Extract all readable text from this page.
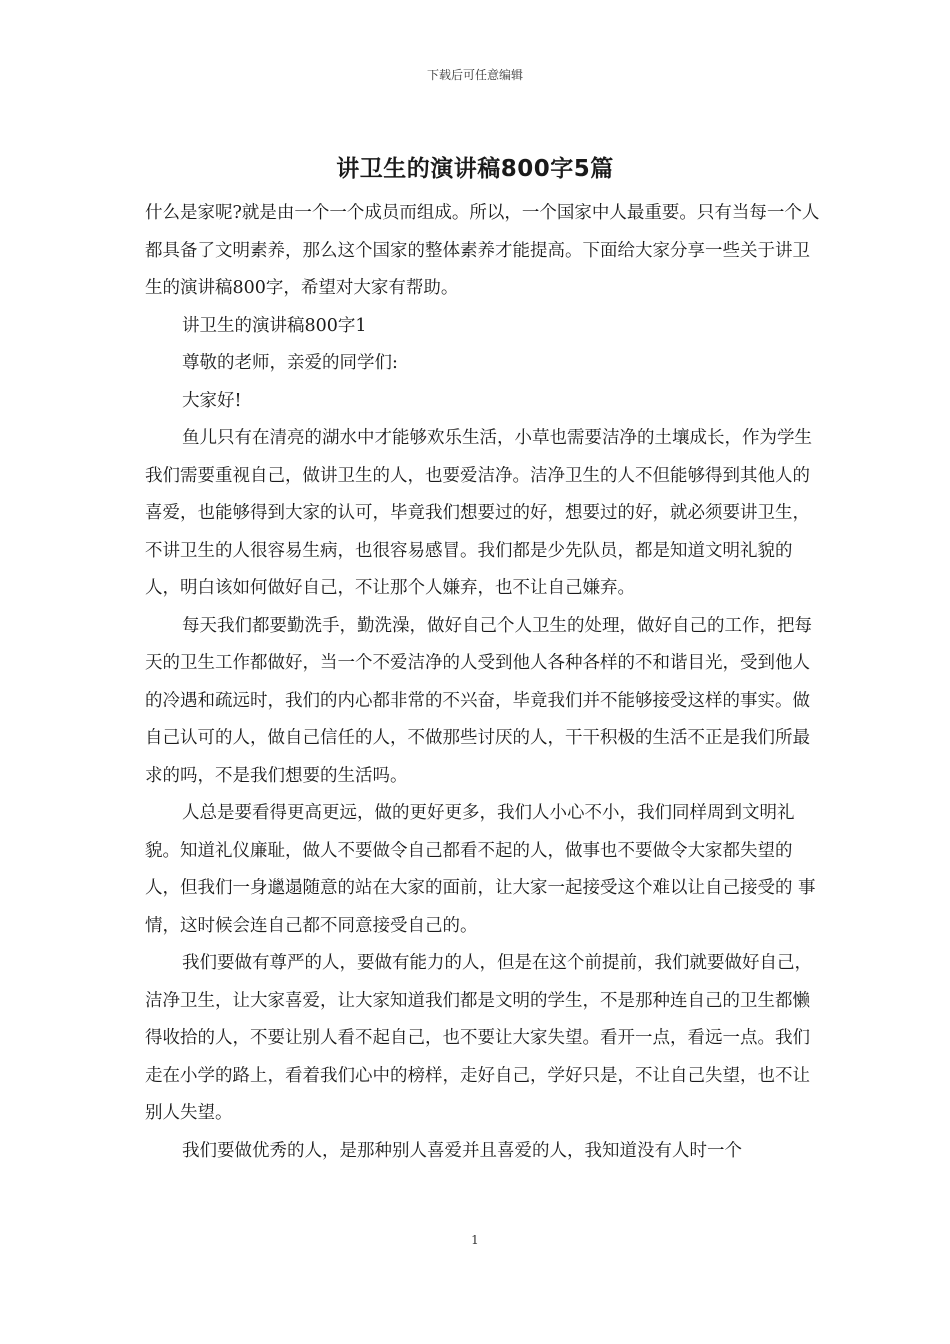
下载后可任意编辑
讲卫生的演讲稿800字5篇

什么是家呢?就是由一个一个成员而组成。所以，一个国家中人最重要。只有当每一个人都具备了文明素养，那么这个国家的整体素养才能提高。下面给大家分享一些关于讲卫生的演讲稿800字，希望对大家有帮助。

讲卫生的演讲稿800字1

尊敬的老师，亲爱的同学们:

大家好!

鱼儿只有在清亮的湖水中才能够欢乐生活，小草也需要洁净的土壤成长，作为学生我们需要重视自己，做讲卫生的人，也要爱洁净。洁净卫生的人不但能够得到其他人的喜爱，也能够得到大家的认可，毕竟我们想要过的好，想要过的好，就必须要讲卫生，不讲卫生的人很容易生病，也很容易感冒。我们都是少先队员，都是知道文明礼貌的人，明白该如何做好自己，不让那个人嫌弃，也不让自己嫌弃。

每天我们都要勤洗手，勤洗澡，做好自己个人卫生的处理，做好自己的工作，把每天的卫生工作都做好，当一个不爱洁净的人受到他人各种各样的不和谐目光，受到他人的冷遇和疏远时，我们的内心都非常的不兴奋，毕竟我们并不能够接受这样的事实。做自己认可的人，做自己信任的人，不做那些讨厌的人，干干积极的生活不正是我们所最求的吗，不是我们想要的生活吗。

人总是要看得更高更远，做的更好更多，我们人小心不小，我们同样周到文明礼貌。知道礼仪廉耻，做人不要做令自己都看不起的人，做事也不要做令大家都失望的人，但我们一身邋遢随意的站在大家的面前，让大家一起接受这个难以让自己接受的 事情，这时候会连自己都不同意接受自己的。

我们要做有尊严的人，要做有能力的人，但是在这个前提前，我们就要做好自己，洁净卫生，让大家喜爱，让大家知道我们都是文明的学生，不是那种连自己的卫生都懒得收拾的人，不要让别人看不起自己，也不要让大家失望。看开一点，看远一点。我们走在小学的路上，看着我们心中的榜样，走好自己，学好只是，不让自己失望，也不让别人失望。

我们要做优秀的人，是那种别人喜爱并且喜爱的人，我知道没有人时一个

1
